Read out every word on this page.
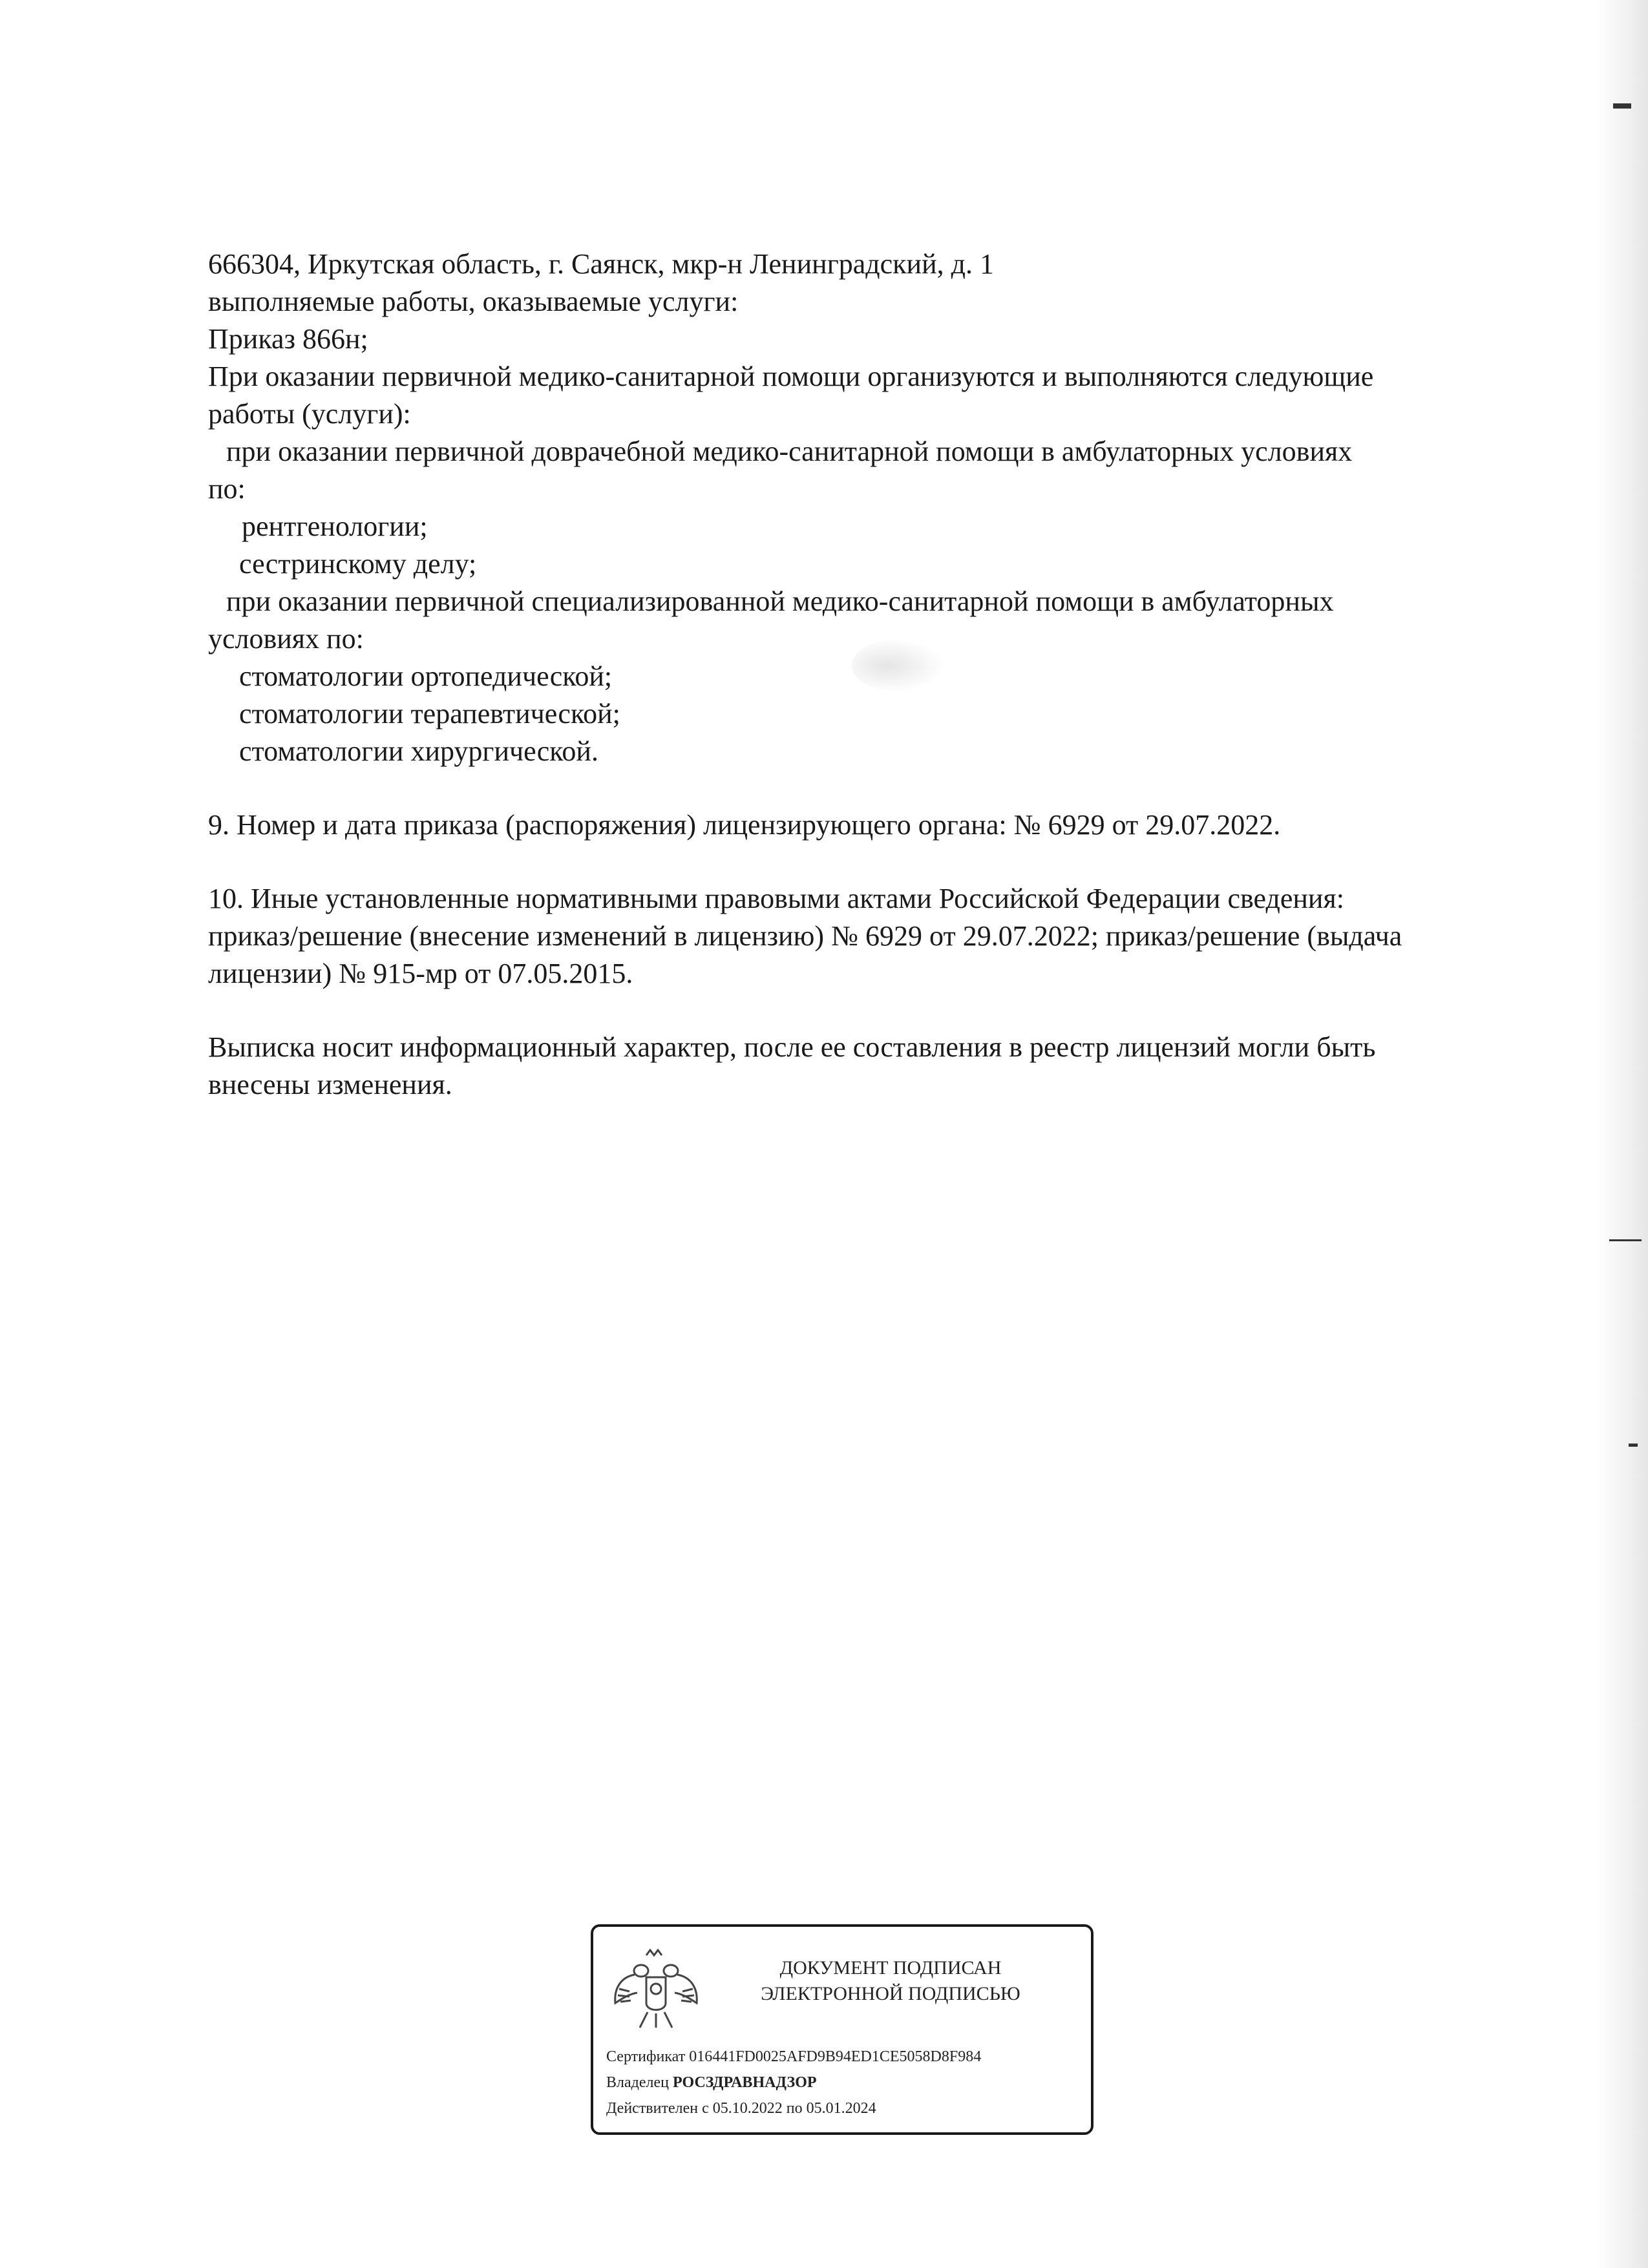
666304, Иркутская область, г. Саянск, мкр-н Ленинградский, д. 1
выполняемые работы, оказываемые услуги:
Приказ 866н;
При оказании первичной медико-санитарной помощи организуются и выполняются следующие
работы (услуги):
при оказании первичной доврачебной медико-санитарной помощи в амбулаторных условиях
по:
рентгенологии;
сестринскому делу;
при оказании первичной специализированной медико-санитарной помощи в амбулаторных
условиях по:
стоматологии ортопедической;
стоматологии терапевтической;
стоматологии хирургической.
9. Номер и дата приказа (распоряжения) лицензирующего органа: № 6929 от 29.07.2022.
10. Иные установленные нормативными правовыми актами Российской Федерации сведения:
приказ/решение (внесение изменений в лицензию) № 6929 от 29.07.2022; приказ/решение (выдача
лицензии) № 915-мр от 07.05.2015.
Выписка носит информационный характер, после ее составления в реестр лицензий могли быть
внесены изменения.
ДОКУМЕНТ ПОДПИСАН
ЭЛЕКТРОННОЙ ПОДПИСЬЮ
Сертификат 016441FD0025AFD9B94ED1CE5058D8F984
Владелец РОСЗДРАВНАДЗОР
Действителен с 05.10.2022 по 05.01.2024
